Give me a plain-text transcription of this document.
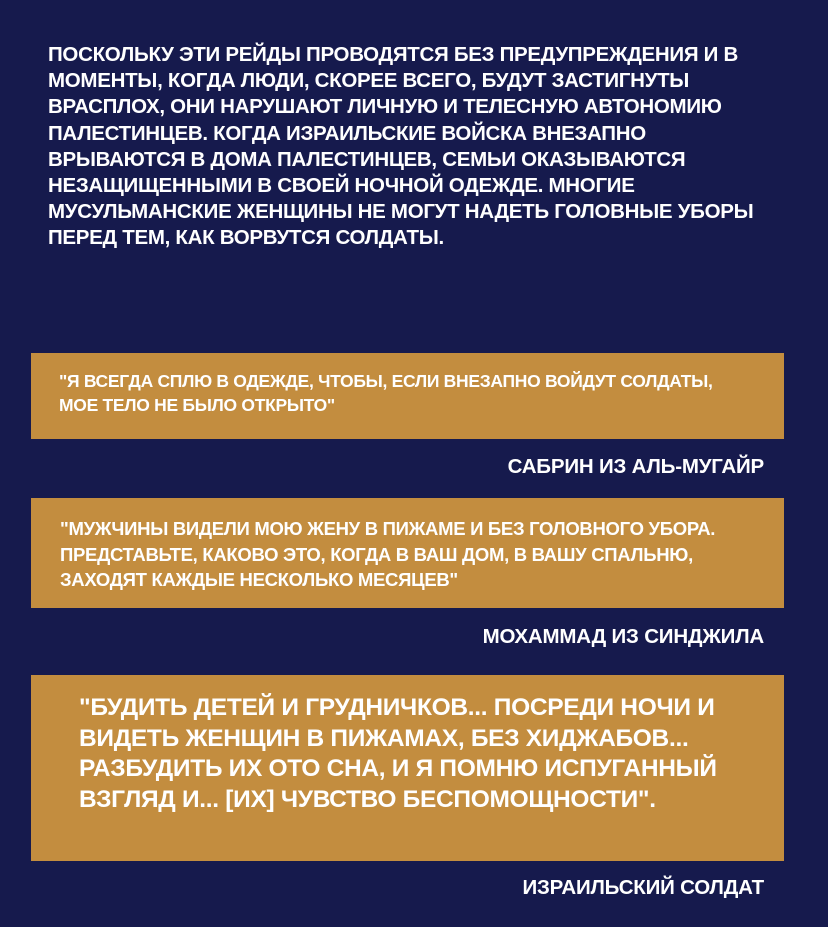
ПОСКОЛЬКУ ЭТИ РЕЙДЫ ПРОВОДЯТСЯ БЕЗ ПРЕДУПРЕЖДЕНИЯ И В МОМЕНТЫ, КОГДА ЛЮДИ, СКОРЕЕ ВСЕГО, БУДУТ ЗАСТИГНУТЫ ВРАСПЛОХ, ОНИ НАРУШАЮТ ЛИЧНУЮ И ТЕЛЕСНУЮ АВТОНОМИЮ ПАЛЕСТИНЦЕВ. КОГДА ИЗРАИЛЬСКИЕ ВОЙСКА ВНЕЗАПНО ВРЫВАЮТСЯ В ДОМА ПАЛЕСТИНЦЕВ, СЕМЬИ ОКАЗЫВАЮТСЯ НЕЗАЩИЩЕННЫМИ В СВОЕЙ НОЧНОЙ ОДЕЖДЕ. МНОГИЕ МУСУЛЬМАНСКИЕ ЖЕНЩИНЫ НЕ МОГУТ НАДЕТЬ ГОЛОВНЫЕ УБОРЫ ПЕРЕД ТЕМ, КАК ВОРВУТСЯ СОЛДАТЫ.

"Я ВСЕГДА СПЛЮ В ОДЕЖДЕ, ЧТОБЫ, ЕСЛИ ВНЕЗАПНО ВОЙДУТ СОЛДАТЫ, МОЕ ТЕЛО НЕ БЫЛО ОТКРЫТО"

САБРИН ИЗ АЛЬ-МУГАЙР

"МУЖЧИНЫ ВИДЕЛИ МОЮ ЖЕНУ В ПИЖАМЕ И БЕЗ ГОЛОВНОГО УБОРА. ПРЕДСТАВЬТЕ, КАКОВО ЭТО, КОГДА В ВАШ ДОМ, В ВАШУ СПАЛЬНЮ, ЗАХОДЯТ КАЖДЫЕ НЕСКОЛЬКО МЕСЯЦЕВ"

МОХАММАД ИЗ СИНДЖИЛА

"БУДИТЬ ДЕТЕЙ И ГРУДНИЧКОВ... ПОСРЕДИ НОЧИ И ВИДЕТЬ ЖЕНЩИН В ПИЖАМАХ, БЕЗ ХИДЖАБОВ... РАЗБУДИТЬ ИХ ОТО СНА, И Я ПОМНЮ ИСПУГАННЫЙ ВЗГЛЯД И... [ИХ] ЧУВСТВО БЕСПОМОЩНОСТИ".

ИЗРАИЛЬСКИЙ СОЛДАТ
